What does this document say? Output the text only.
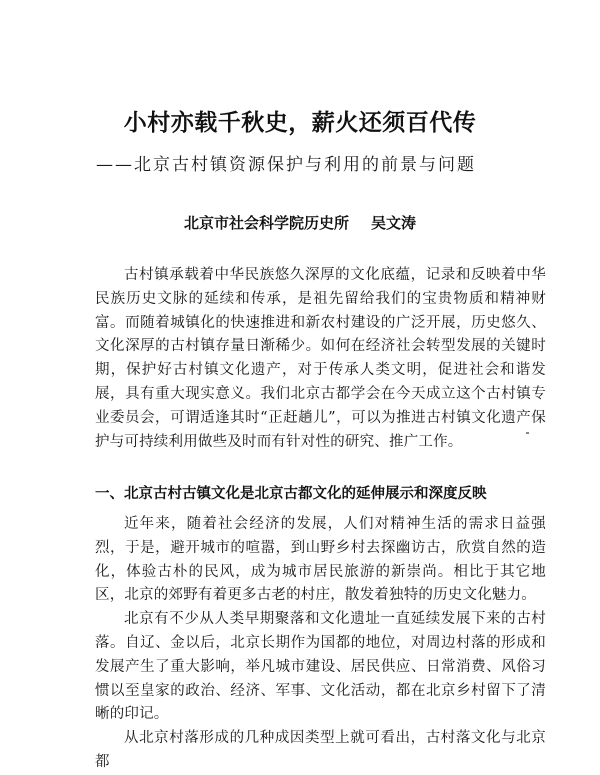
小村亦载千秋史，薪火还须百代传
——北京古村镇资源保护与利用的前景与问题
北京市社会科学院历史所 吴文涛

古村镇承载着中华民族悠久深厚的文化底蕴，记录和反映着中华民族历史文脉的延续和传承，是祖先留给我们的宝贵物质和精神财富。而随着城镇化的快速推进和新农村建设的广泛开展，历史悠久、文化深厚的古村镇存量日渐稀少。如何在经济社会转型发展的关键时期，保护好古村镇文化遗产，对于传承人类文明，促进社会和谐发展，具有重大现实意义。我们北京古都学会在今天成立这个古村镇专业委员会，可谓适逢其时“正赶趟儿”，可以为推进古村镇文化遗产保护与可持续利用做些及时而有针对性的研究、推广工作。

一、北京古村古镇文化是北京古都文化的延伸展示和深度反映

近年来，随着社会经济的发展，人们对精神生活的需求日益强烈，于是，避开城市的喧嚣，到山野乡村去探幽访古，欣赏自然的造化，体验古朴的民风，成为城市居民旅游的新崇尚。相比于其它地区，北京的郊野有着更多古老的村庄，散发着独特的历史文化魅力。

北京有不少从人类早期聚落和文化遗址一直延续发展下来的古村落。自辽、金以后，北京长期作为国都的地位，对周边村落的形成和发展产生了重大影响，举凡城市建设、居民供应、日常消费、风俗习惯以至皇家的政治、经济、军事、文化活动，都在北京乡村留下了清晰的印记。

从北京村落形成的几种成因类型上就可看出，古村落文化与北京都
